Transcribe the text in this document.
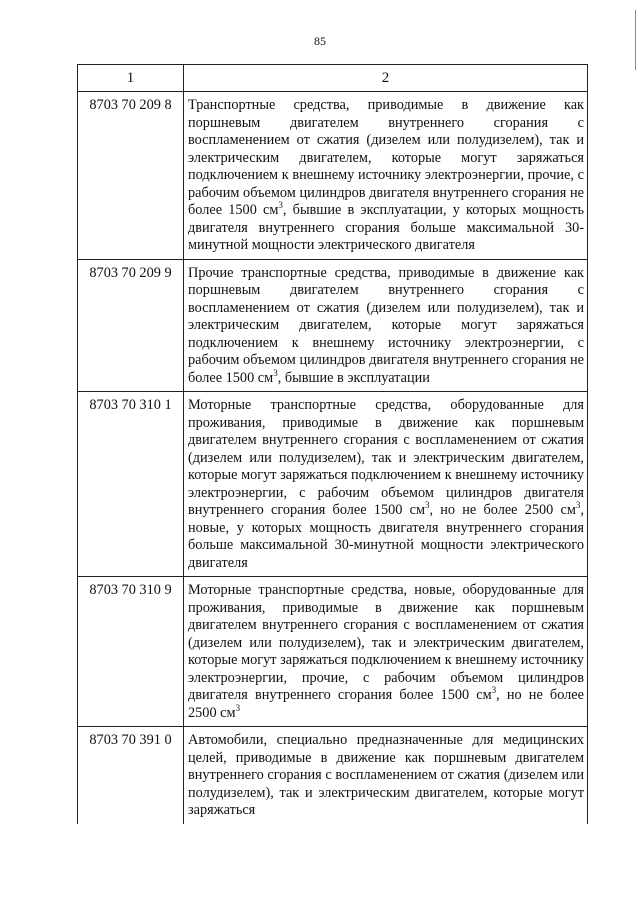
85
1	2
8703 70 209 8	Транспортные средства, приводимые в движение как поршневым двигателем внутреннего сгорания с воспламенением от сжатия (дизелем или полудизелем), так и электрическим двигателем, которые могут заряжаться подключением к внешнему источнику электроэнергии, прочие, с рабочим объемом цилиндров двигателя внутреннего сгорания не более 1500 $см^3$, бывшие в эксплуатации, у которых мощность двигателя внутреннего сгорания больше максимальной 30-минутной мощности электрического двигателя
8703 70 209 9	Прочие транспортные средства, приводимые в движение как поршневым двигателем внутреннего сгорания с воспламенением от сжатия (дизелем или полудизелем), так и электрическим двигателем, которые могут заряжаться подключением к внешнему источнику электроэнергии, с рабочим объемом цилиндров двигателя внутреннего сгорания не более 1500 $см^3$, бывшие в эксплуатации
8703 70 310 1	Моторные транспортные средства, оборудованные для проживания, приводимые в движение как поршневым двигателем внутреннего сгорания с воспламенением от сжатия (дизелем или полудизелем), так и электрическим двигателем, которые могут заряжаться подключением к внешнему источнику электроэнергии, с рабочим объемом цилиндров двигателя внутреннего сгорания более 1500 $см^3$, но не более 2500 $см^3$, новые, у которых мощность двигателя внутреннего сгорания больше максимальной 30-минутной мощности электрического двигателя
8703 70 310 9	Моторные транспортные средства, новые, оборудованные для проживания, приводимые в движение как поршневым двигателем внутреннего сгорания с воспламенением от сжатия (дизелем или полудизелем), так и электрическим двигателем, которые могут заряжаться подключением к внешнему источнику электроэнергии, прочие, с рабочим объемом цилиндров двигателя внутреннего сгорания более 1500 $см^3$, но не более 2500 $см^3$
8703 70 391 0	Автомобили, специально предназначенные для медицинских целей, приводимые в движение как поршневым двигателем внутреннего сгорания с воспламенением от сжатия (дизелем или полудизелем), так и электрическим двигателем, которые могут заряжаться
